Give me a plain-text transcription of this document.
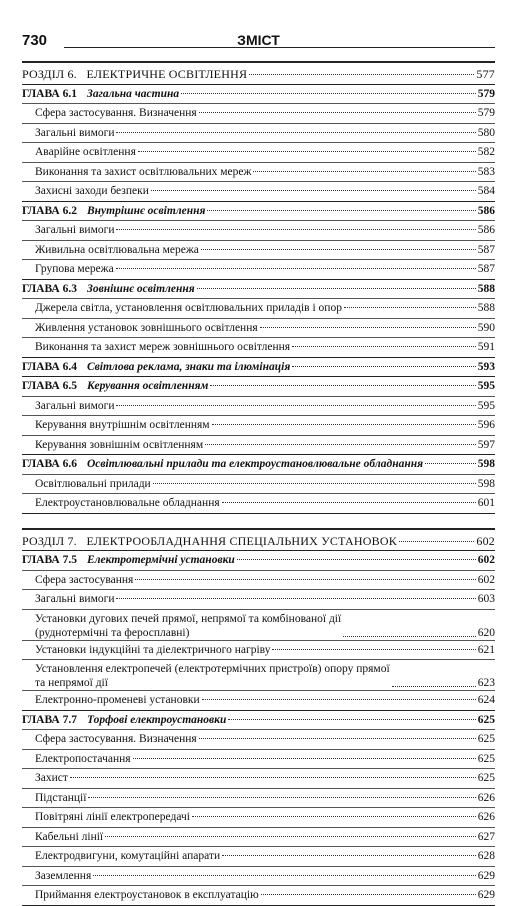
730	ЗМІСТ
РОЗДІЛ 6.   ЕЛЕКТРИЧНЕ ОСВІТЛЕННЯ	577
ГЛАВА 6.1 Загальна частина	579
Сфера застосування. Визначення	579
Загальні вимоги	580
Аварійне освітлення	582
Виконання та захист освітлювальних мереж	583
Захисні заходи безпеки	584
ГЛАВА 6.2 Внутрішнє освітлення	586
Загальні вимоги	586
Живильна освітлювальна мережа	587
Групова мережа	587
ГЛАВА 6.3 Зовнішнє освітлення	588
Джерела світла, установлення освітлювальних приладів і опор	588
Живлення установок зовнішнього освітлення	590
Виконання та захист мереж зовнішнього освітлення	591
ГЛАВА 6.4 Світлова реклама, знаки та ілюмінація	593
ГЛАВА 6.5 Керування освітленням	595
Загальні вимоги	595
Керування внутрішнім освітленням	596
Керування зовнішнім освітленням	597
ГЛАВА 6.6 Освітлювальні прилади та електроустановлювальне обладнання	598
Освітлювальні прилади	598
Електроустановлювальне обладнання	601
РОЗДІЛ 7.   ЕЛЕКТРООБЛАДНАННЯ СПЕЦІАЛЬНИХ УСТАНОВОК	602
ГЛАВА 7.5 Електротермічні установки	602
Сфера застосування	602
Загальні вимоги	603
Установки дугових печей прямої, непрямої та комбінованої дії
(руднотермічні та феросплавні)	620
Установки індукційні та діелектричного нагріву	621
Установлення електропечей (електротермічних пристроїв) опору прямої
та непрямої дії	623
Електронно-променеві установки	624
ГЛАВА 7.7 Торфові електроустановки	625
Сфера застосування. Визначення	625
Електропостачання	625
Захист	625
Підстанції	626
Повітряні лінії електропередачі	626
Кабельні лінії	627
Електродвигуни, комутаційні апарати	628
Заземлення	629
Приймання електроустановок в експлуатацію	629
